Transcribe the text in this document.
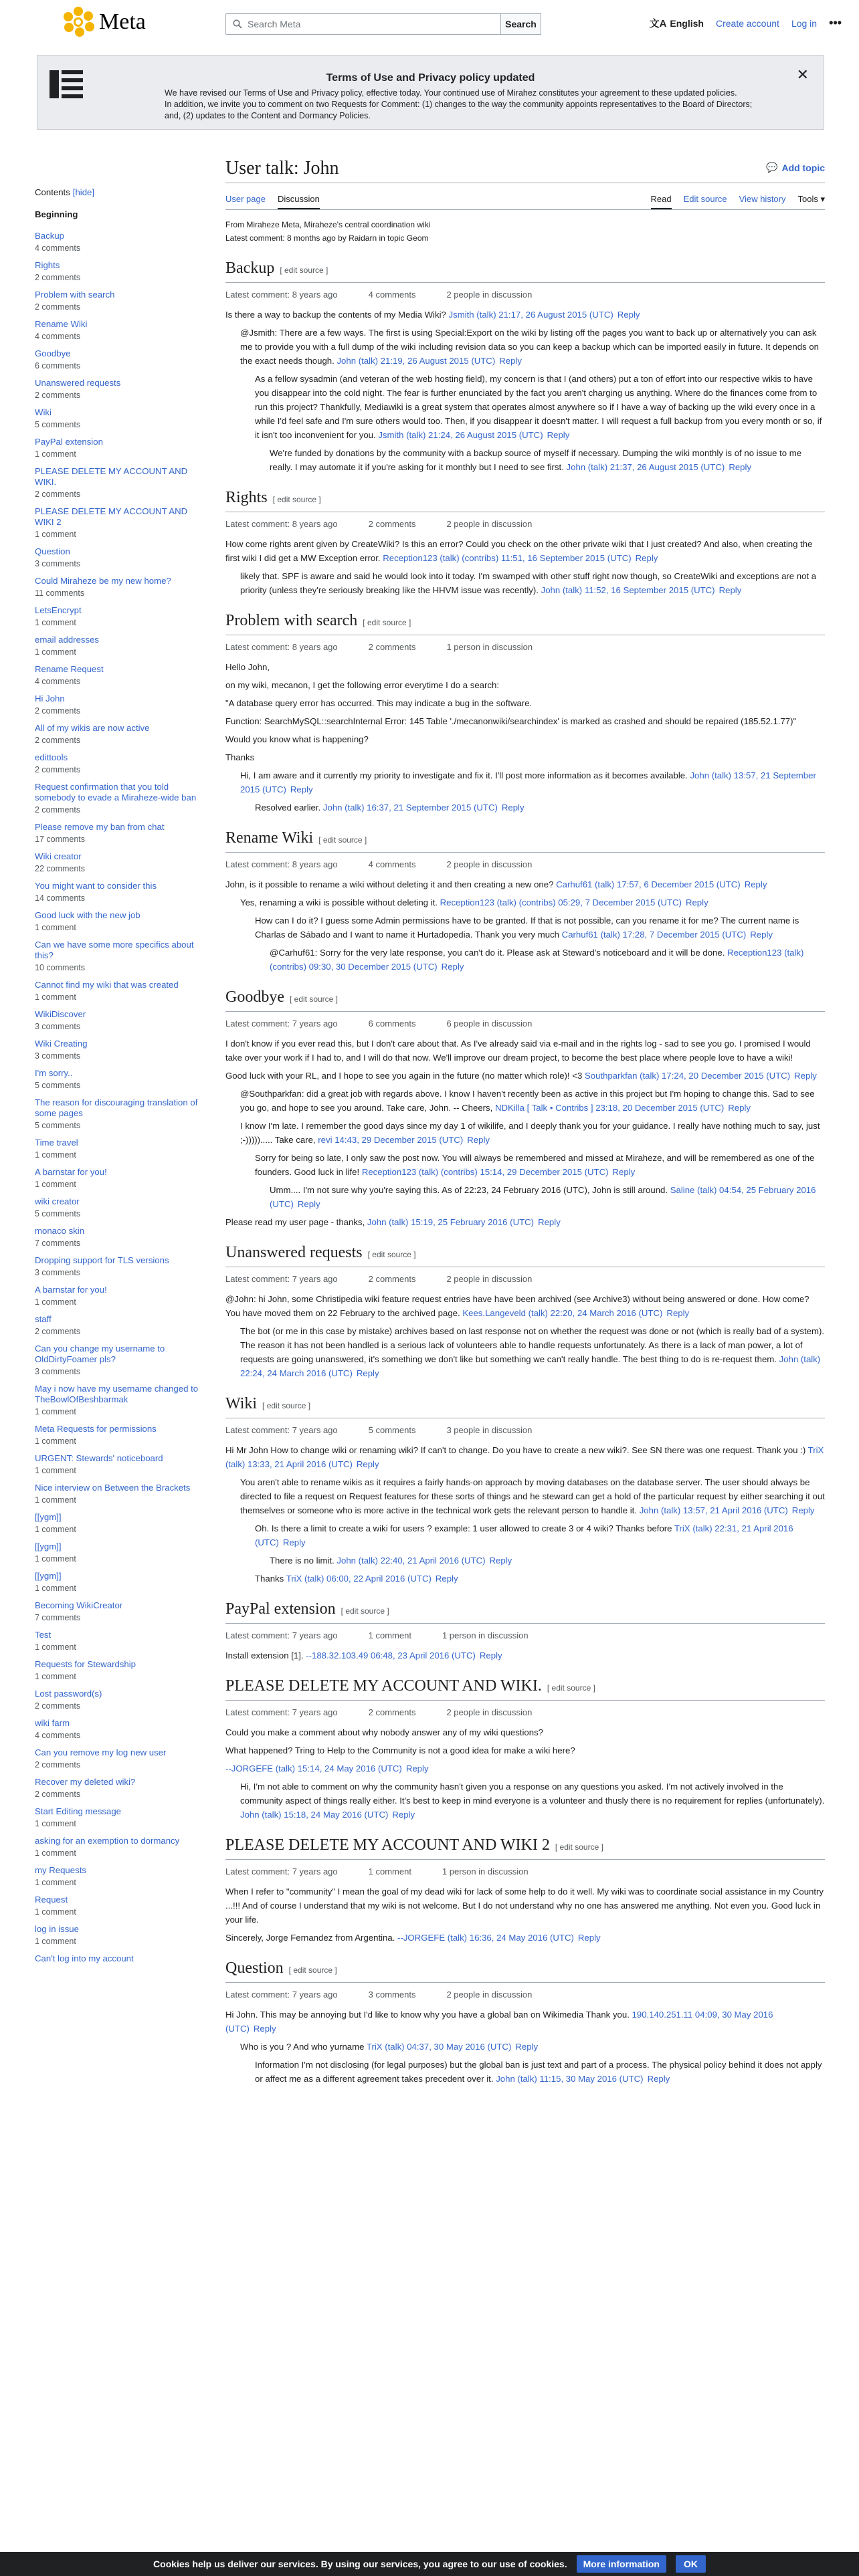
Meta	Search Meta	Search	文A English Create account Log in •••
Terms of Use and Privacy policy updated
We have revised our Terms of Use and Privacy policy, effective today. Your continued use of Mirahez constitutes your agreement to these updated policies.
In addition, we invite you to comment on two Requests for Comment: (1) changes to the way the community appoints representatives to the Board of Directors; and, (2) updates to the Content and Dormancy Policies.
✕
Contents [hide]
Beginning
Backup
4 comments
Rights
2 comments
Problem with search
2 comments
Rename Wiki
4 comments
Goodbye
6 comments
Unanswered requests
2 comments
Wiki
5 comments
PayPal extension
1 comment
PLEASE DELETE MY ACCOUNT AND WIKI.
2 comments
PLEASE DELETE MY ACCOUNT AND WIKI 2
1 comment
Question
3 comments
Could Miraheze be my new home?
11 comments
LetsEncrypt
1 comment
email addresses
1 comment
Rename Request
4 comments
Hi John
2 comments
All of my wikis are now active
2 comments
edittools
2 comments
Request confirmation that you told somebody to evade a Miraheze-wide ban
2 comments
Please remove my ban from chat
17 comments
Wiki creator
22 comments
You might want to consider this
14 comments
Good luck with the new job
1 comment
Can we have some more specifics about this?
10 comments
Cannot find my wiki that was created
1 comment
WikiDiscover
3 comments
Wiki Creating
3 comments
I'm sorry..
5 comments
The reason for discouraging translation of some pages
5 comments
Time travel
1 comment
A barnstar for you!
1 comment
wiki creator
5 comments
monaco skin
7 comments
Dropping support for TLS versions
3 comments
A barnstar for you!
1 comment
staff
2 comments
Can you change my username to OldDirtyFoamer pls?
3 comments
May i now have my username changed to TheBowlOfBeshbarmak
1 comment
Meta Requests for permissions
1 comment
URGENT: Stewards' noticeboard
1 comment
Nice interview on Between the Brackets
1 comment
[[ygm]]
1 comment
[[ygm]]
1 comment
[[ygm]]
1 comment
Becoming WikiCreator
7 comments
Test
1 comment
Requests for Stewardship
1 comment
Lost password(s)
2 comments
wiki farm
4 comments
Can you remove my log new user
2 comments
Recover my deleted wiki?
2 comments
Start Editing message
1 comment
asking for an exemption to dormancy
1 comment
my Requests
1 comment
Request
1 comment
log in issue
1 comment
Can't log into my account
User talk: John	💬 Add topic
User page Discussion	Read Edit source View history Tools ▾
From Miraheze Meta, Miraheze's central coordination wiki
Latest comment: 8 months ago by Raidarn in topic Geom
Backup [ edit source ]
Latest comment: 8 years ago	4 comments	2 people in discussion
Is there a way to backup the contents of my Media Wiki? Jsmith (talk) 21:17, 26 August 2015 (UTC) Reply
@Jsmith: There are a few ways. The first is using Special:Export on the wiki by listing off the pages you want to back up or alternatively you can ask me to provide you with a full dump of the wiki including revision data so you can keep a backup which can be imported easily in future. It depends on the exact needs though. John (talk) 21:19, 26 August 2015 (UTC) Reply
As a fellow sysadmin (and veteran of the web hosting field), my concern is that I (and others) put a ton of effort into our respective wikis to have you disappear into the cold night. The fear is further enunciated by the fact you aren't charging us anything. Where do the finances come from to run this project? Thankfully, Mediawiki is a great system that operates almost anywhere so if I have a way of backing up the wiki every once in a while I'd feel safe and I'm sure others would too. Then, if you disappear it doesn't matter. I will request a full backup from you every month or so, if it isn't too inconvenient for you. Jsmith (talk) 21:24, 26 August 2015 (UTC) Reply
We're funded by donations by the community with a backup source of myself if necessary. Dumping the wiki monthly is of no issue to me really. I may automate it if you're asking for it monthly but I need to see first. John (talk) 21:37, 26 August 2015 (UTC) Reply
Rights [ edit source ]
Latest comment: 8 years ago	2 comments	2 people in discussion
How come rights arent given by CreateWiki? Is this an error? Could you check on the other private wiki that I just created? And also, when creating the first wiki I did get a MW Exception error. Reception123 (talk) (contribs) 11:51, 16 September 2015 (UTC) Reply
likely that. SPF is aware and said he would look into it today. I'm swamped with other stuff right now though, so CreateWiki and exceptions are not a priority (unless they're seriously breaking like the HHVM issue was recently). John (talk) 11:52, 16 September 2015 (UTC) Reply
Problem with search [ edit source ]
Latest comment: 8 years ago	2 comments	1 person in discussion
Hello John,
on my wiki, mecanon, I get the following error everytime I do a search:
"A database query error has occurred. This may indicate a bug in the software.
Function: SearchMySQL::searchInternal Error: 145 Table './mecanonwiki/searchindex' is marked as crashed and should be repaired (185.52.1.77)"
Would you know what is happening?
Thanks
Hi, I am aware and it currently my priority to investigate and fix it. I'll post more information as it becomes available. John (talk) 13:57, 21 September 2015 (UTC) Reply
Resolved earlier. John (talk) 16:37, 21 September 2015 (UTC) Reply
Rename Wiki [ edit source ]
Latest comment: 8 years ago	4 comments	2 people in discussion
John, is it possible to rename a wiki without deleting it and then creating a new one? Carhuf61 (talk) 17:57, 6 December 2015 (UTC) Reply
Yes, renaming a wiki is possible without deleting it. Reception123 (talk) (contribs) 05:29, 7 December 2015 (UTC) Reply
How can I do it? I guess some Admin permissions have to be granted. If that is not possible, can you rename it for me? The current name is Charlas de Sábado and I want to name it Hurtadopedia. Thank you very much Carhuf61 (talk) 17:28, 7 December 2015 (UTC) Reply
@Carhuf61: Sorry for the very late response, you can't do it. Please ask at Steward's noticeboard and it will be done. Reception123 (talk) (contribs) 09:30, 30 December 2015 (UTC) Reply
Goodbye [ edit source ]
Latest comment: 7 years ago	6 comments	6 people in discussion
I don't know if you ever read this, but I don't care about that. As I've already said via e-mail and in the rights log - sad to see you go. I promised I would take over your work if I had to, and I will do that now. We'll improve our dream project, to become the best place where people love to have a wiki!
Good luck with your RL, and I hope to see you again in the future (no matter which role)! <3 Southparkfan (talk) 17:24, 20 December 2015 (UTC) Reply
@Southparkfan: did a great job with regards above. I know I haven't recently been as active in this project but I'm hoping to change this. Sad to see you go, and hope to see you around. Take care, John. -- Cheers, NDKilla [ Talk • Contribs ] 23:18, 20 December 2015 (UTC) Reply
I know I'm late. I remember the good days since my day 1 of wikilife, and I deeply thank you for your guidance. I really have nothing much to say, just ;-)))))..... Take care, revi 14:43, 29 December 2015 (UTC) Reply
Sorry for being so late, I only saw the post now. You will always be remembered and missed at Miraheze, and will be remembered as one of the founders. Good luck in life! Reception123 (talk) (contribs) 15:14, 29 December 2015 (UTC) Reply
Umm.... I'm not sure why you're saying this. As of 22:23, 24 February 2016 (UTC), John is still around. Saline (talk) 04:54, 25 February 2016 (UTC) Reply
Please read my user page - thanks, John (talk) 15:19, 25 February 2016 (UTC) Reply
Unanswered requests [ edit source ]
Latest comment: 7 years ago	2 comments	2 people in discussion
@John: hi John, some Christipedia wiki feature request entries have have been archived (see Archive3) without being answered or done. How come? You have moved them on 22 February to the archived page. Kees.Langeveld (talk) 22:20, 24 March 2016 (UTC) Reply
The bot (or me in this case by mistake) archives based on last response not on whether the request was done or not (which is really bad of a system). The reason it has not been handled is a serious lack of volunteers able to handle requests unfortunately. As there is a lack of man power, a lot of requests are going unanswered, it's something we don't like but something we can't really handle. The best thing to do is re-request them. John (talk) 22:24, 24 March 2016 (UTC) Reply
Wiki [ edit source ]
Latest comment: 7 years ago	5 comments	3 people in discussion
Hi Mr John How to change wiki or renaming wiki? If can't to change. Do you have to create a new wiki?. See SN there was one request. Thank you :) TriX (talk) 13:33, 21 April 2016 (UTC) Reply
You aren't able to rename wikis as it requires a fairly hands-on approach by moving databases on the database server. The user should always be directed to file a request on Request features for these sorts of things and he steward can get a hold of the particular request by either searching it out themselves or someone who is more active in the technical work gets the relevant person to handle it. John (talk) 13:57, 21 April 2016 (UTC) Reply
Oh. Is there a limit to create a wiki for users ? example: 1 user allowed to create 3 or 4 wiki? Thanks before TriX (talk) 22:31, 21 April 2016 (UTC) Reply
There is no limit. John (talk) 22:40, 21 April 2016 (UTC) Reply
Thanks TriX (talk) 06:00, 22 April 2016 (UTC) Reply
PayPal extension [ edit source ]
Latest comment: 7 years ago	1 comment	1 person in discussion
Install extension [1]. --188.32.103.49 06:48, 23 April 2016 (UTC) Reply
PLEASE DELETE MY ACCOUNT AND WIKI. [ edit source ]
Latest comment: 7 years ago	2 comments	2 people in discussion
Could you make a comment about why nobody answer any of my wiki questions?
What happened? Tring to Help to the Community is not a good idea for make a wiki here?
--JORGEFE (talk) 15:14, 24 May 2016 (UTC) Reply
Hi, I'm not able to comment on why the community hasn't given you a response on any questions you asked. I'm not actively involved in the community aspect of things really either. It's best to keep in mind everyone is a volunteer and thusly there is no requirement for replies (unfortunately). John (talk) 15:18, 24 May 2016 (UTC) Reply
PLEASE DELETE MY ACCOUNT AND WIKI 2 [ edit source ]
Latest comment: 7 years ago	1 comment	1 person in discussion
When I refer to "community" I mean the goal of my dead wiki for lack of some help to do it well. My wiki was to coordinate social assistance in my Country ...!!! And of course I understand that my wiki is not welcome. But I do not understand why no one has answered me anything. Not even you. Good luck in your life.
Sincerely, Jorge Fernandez from Argentina. --JORGEFE (talk) 16:36, 24 May 2016 (UTC) Reply
Question [ edit source ]
Latest comment: 7 years ago	3 comments	2 people in discussion
Hi John. This may be annoying but I'd like to know why you have a global ban on Wikimedia Thank you. 190.140.251.11 04:09, 30 May 2016 (UTC) Reply
Who is you ? And who yurname TriX (talk) 04:37, 30 May 2016 (UTC) Reply
Information I'm not disclosing (for legal purposes) but the global ban is just text and part of a process. The physical policy behind it does not apply or affect me as a different agreement takes precedent over it. John (talk) 11:15, 30 May 2016 (UTC) Reply
Cookies help us deliver our services. By using our services, you agree to our use of cookies.	More information	OK
